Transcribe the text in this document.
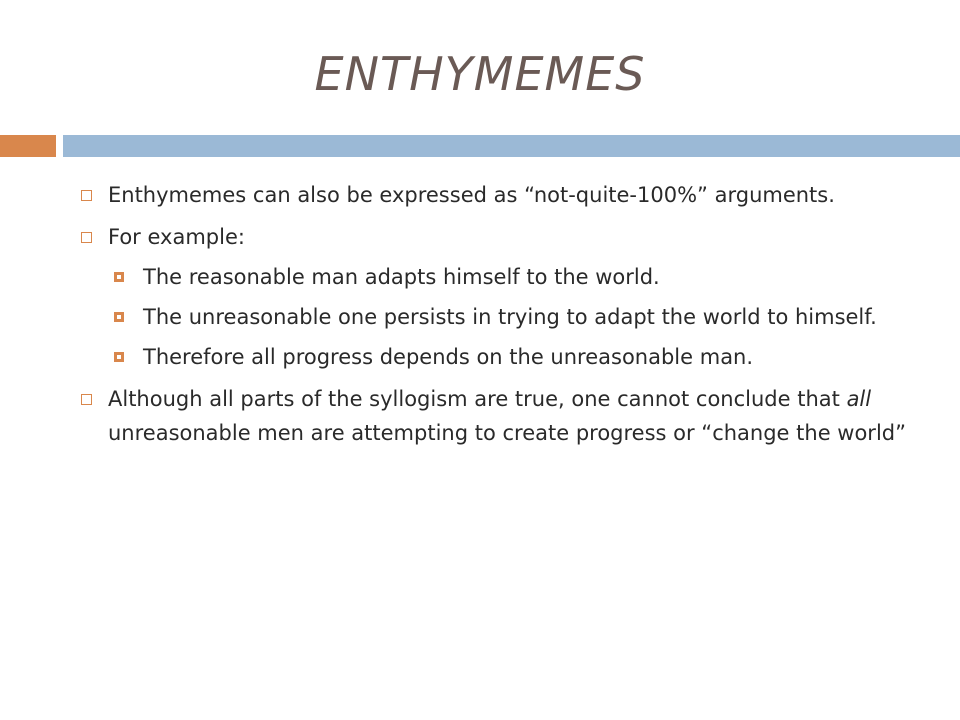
ENTHYMEMES
Enthymemes can also be expressed as “not-quite-100%” arguments.
For example:
The reasonable man adapts himself to the world.
The unreasonable one persists in trying to adapt the world to himself.
Therefore all progress depends on the unreasonable man.
Although all parts of the syllogism are true, one cannot conclude that all unreasonable men are attempting to create progress or “change the world”
